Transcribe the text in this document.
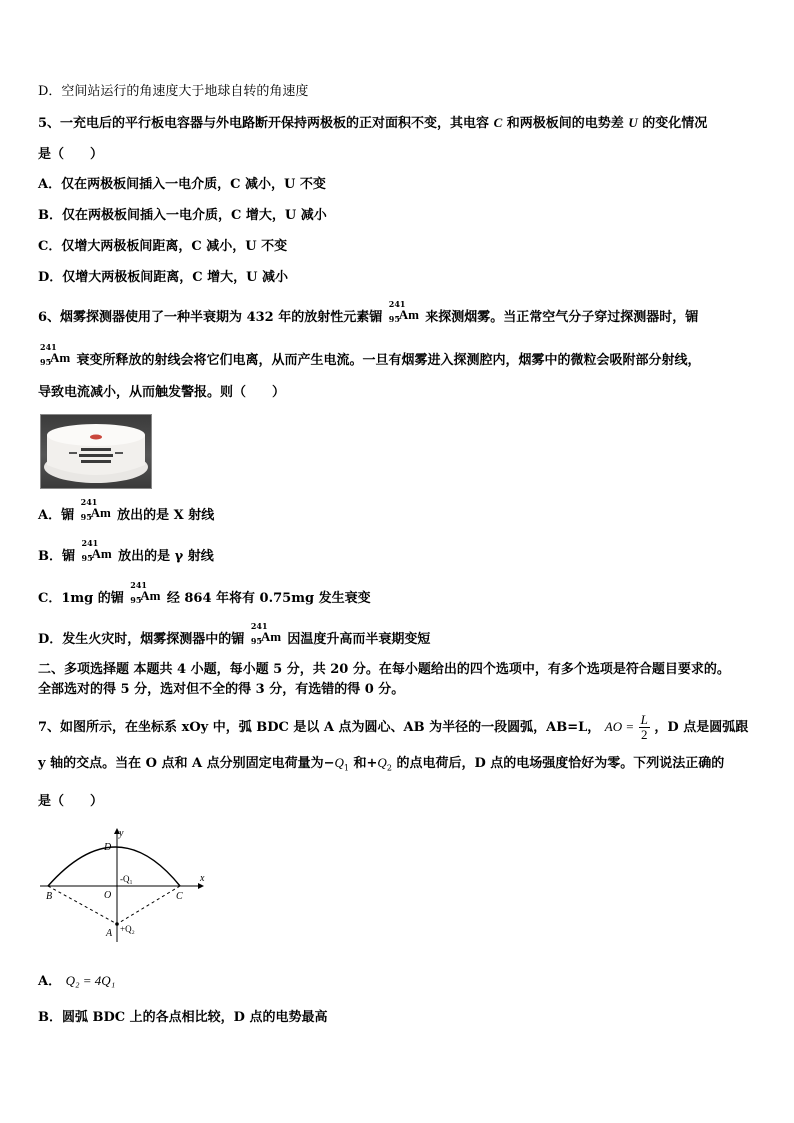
D．空间站运行的角速度大于地球自转的角速度
5、一充电后的平行板电容器与外电路断开保持两极板的正对面积不变，其电容 C 和两极板间的电势差 U 的变化情况
是（　　）
A．仅在两极板间插入一电介质，C 减小，U 不变
B．仅在两极板间插入一电介质，C 增大，U 减小
C．仅增大两极板间距离，C 减小，U 不变
D．仅增大两极板间距离，C 增大，U 减小
6、烟雾探测器使用了一种半衰期为 432 年的放射性元素镅
241
95
Am 来探测烟雾。当正常空气分子穿过探测器时，镅
241
95
Am 衰变所释放的射线会将它们电离，从而产生电流。一旦有烟雾进入探测腔内，烟雾中的微粒会吸附部分射线，
导致电流减小，从而触发警报。则（　　）
A．镅
241
95
Am 放出的是 X 射线
B．镅
241
95
Am 放出的是 γ 射线
C．1mg 的镅
241
95
Am 经 864 年将有 0.75mg 发生衰变
D．发生火灾时，烟雾探测器中的镅
241
95
Am 因温度升高而半衰期变短
二、多项选择题 本题共 4 小题，每小题 5 分，共 20 分。在每小题给出的四个选项中，有多个选项是符合题目要求的。
全部选对的得 5 分，选对但不全的得 3 分，有选错的得 0 分。
7、如图所示，在坐标系 xOy 中，弧 BDC 是以 A 点为圆心、AB 为半径的一段圆弧，AB=L， AO = $\frac{L}{2}$ ，D 点是圆弧跟
y 轴的交点。当在 O 点和 A 点分别固定电荷量为$-Q_1$ 和$+Q_2$ 的点电荷后，D 点的电场强度恰好为零。下列说法正确的
是（　　）
y
x
D
B	O	C
A
-Q₁
+Q₂
A． Q₂ = 4Q₁
B．圆弧 BDC 上的各点相比较，D 点的电势最高
